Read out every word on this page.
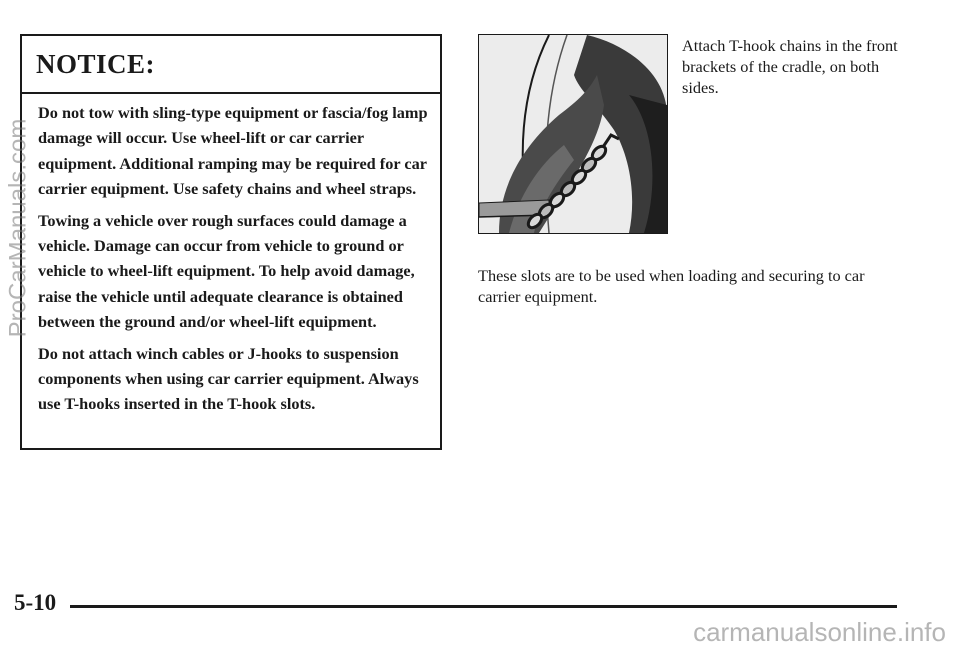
NOTICE:

Do not tow with sling-type equipment or fascia/fog lamp damage will occur. Use wheel-lift or car carrier equipment. Additional ramping may be required for car carrier equipment. Use safety chains and wheel straps.

Towing a vehicle over rough surfaces could damage a vehicle. Damage can occur from vehicle to ground or vehicle to wheel-lift equipment. To help avoid damage, raise the vehicle until adequate clearance is obtained between the ground and/or wheel-lift equipment.

Do not attach winch cables or J-hooks to suspension components when using car carrier equipment. Always use T-hooks inserted in the T-hook slots.

Attach T-hook chains in the front brackets of the cradle, on both sides.
These slots are to be used when loading and securing to car carrier equipment.
5-10
ProCarManuals.com
carmanualsonline.info
